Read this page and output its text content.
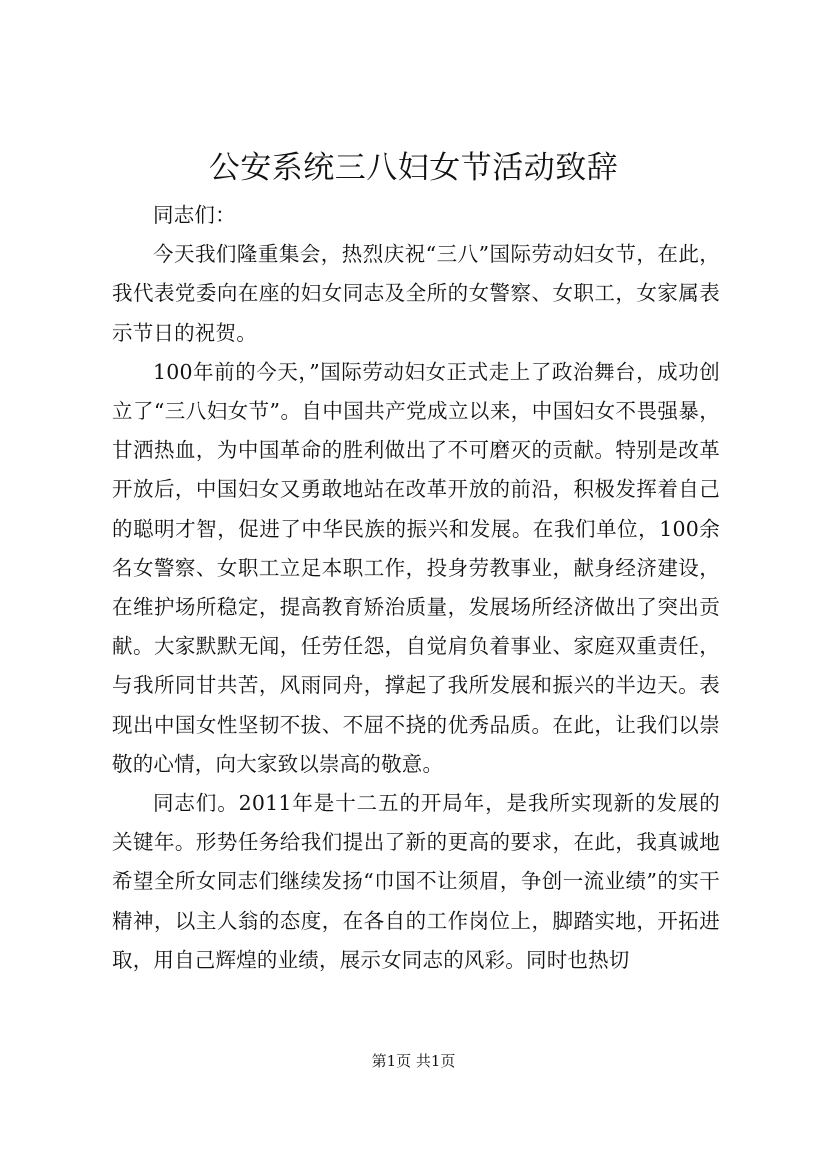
公安系统三八妇女节活动致辞

同志们：

今天我们隆重集会，热烈庆祝“三八”国际劳动妇女节，在此，我代表党委向在座的妇女同志及全所的女警察、女职工，女家属表示节日的祝贺。

100年前的今天，”国际劳动妇女正式走上了政治舞台，成功创立了“三八妇女节”。自中国共产党成立以来，中国妇女不畏强暴，甘洒热血，为中国革命的胜利做出了不可磨灭的贡献。特别是改革开放后，中国妇女又勇敢地站在改革开放的前沿，积极发挥着自己的聪明才智，促进了中华民族的振兴和发展。在我们单位，100余名女警察、女职工立足本职工作，投身劳教事业，献身经济建设，在维护场所稳定，提高教育矫治质量，发展场所经济做出了突出贡献。大家默默无闻，任劳任怨，自觉肩负着事业、家庭双重责任，与我所同甘共苦，风雨同舟，撑起了我所发展和振兴的半边天。表现出中国女性坚韧不拔、不屈不挠的优秀品质。在此，让我们以崇敬的心情，向大家致以崇高的敬意。

同志们。2011年是十二五的开局年，是我所实现新的发展的关键年。形势任务给我们提出了新的更高的要求，在此，我真诚地希望全所女同志们继续发扬“巾国不让须眉，争创一流业绩”的实干精神，以主人翁的态度，在各自的工作岗位上，脚踏实地，开拓进取，用自己辉煌的业绩，展示女同志的风彩。同时也热切

第1页 共1页
